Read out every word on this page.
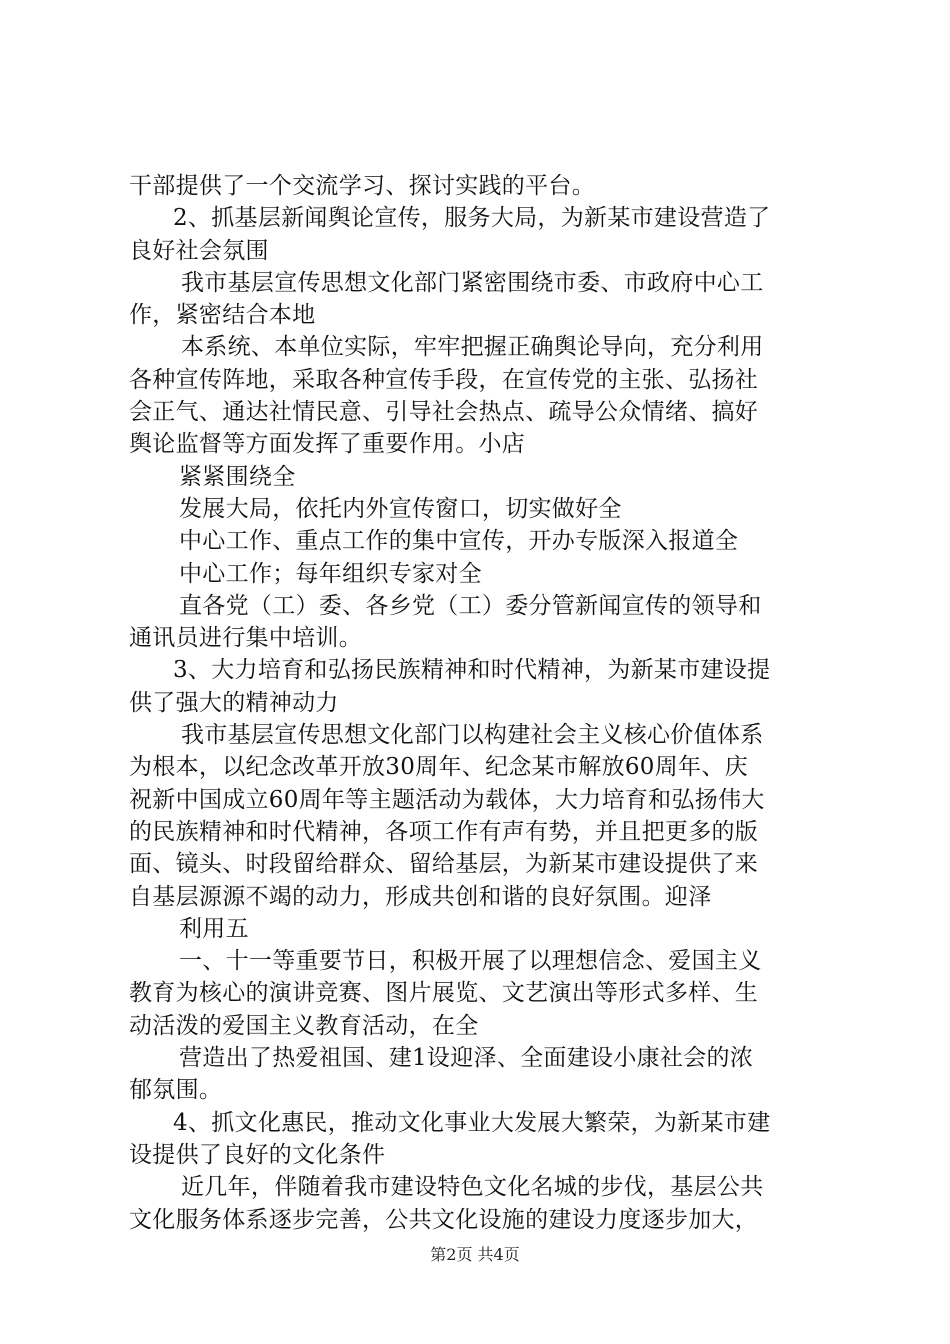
干部提供了一个交流学习、探讨实践的平台。
2、抓基层新闻舆论宣传，服务大局，为新某市建设营造了
良好社会氛围
我市基层宣传思想文化部门紧密围绕市委、市政府中心工
作，紧密结合本地
本系统、本单位实际，牢牢把握正确舆论导向，充分利用
各种宣传阵地，采取各种宣传手段，在宣传党的主张、弘扬社
会正气、通达社情民意、引导社会热点、疏导公众情绪、搞好
舆论监督等方面发挥了重要作用。小店
紧紧围绕全
发展大局，依托内外宣传窗口，切实做好全
中心工作、重点工作的集中宣传，开办专版深入报道全
中心工作；每年组织专家对全
直各党（工）委、各乡党（工）委分管新闻宣传的领导和
通讯员进行集中培训。
3、大力培育和弘扬民族精神和时代精神，为新某市建设提
供了强大的精神动力
我市基层宣传思想文化部门以构建社会主义核心价值体系
为根本，以纪念改革开放30周年、纪念某市解放60周年、庆
祝新中国成立60周年等主题活动为载体，大力培育和弘扬伟大
的民族精神和时代精神，各项工作有声有势，并且把更多的版
面、镜头、时段留给群众、留给基层，为新某市建设提供了来
自基层源源不竭的动力，形成共创和谐的良好氛围。迎泽
利用五
一、十一等重要节日，积极开展了以理想信念、爱国主义
教育为核心的演讲竞赛、图片展览、文艺演出等形式多样、生
动活泼的爱国主义教育活动，在全
营造出了热爱祖国、建1设迎泽、全面建设小康社会的浓
郁氛围。
4、抓文化惠民，推动文化事业大发展大繁荣，为新某市建
设提供了良好的文化条件
近几年，伴随着我市建设特色文化名城的步伐，基层公共
文化服务体系逐步完善，公共文化设施的建设力度逐步加大，
第2页 共4页
